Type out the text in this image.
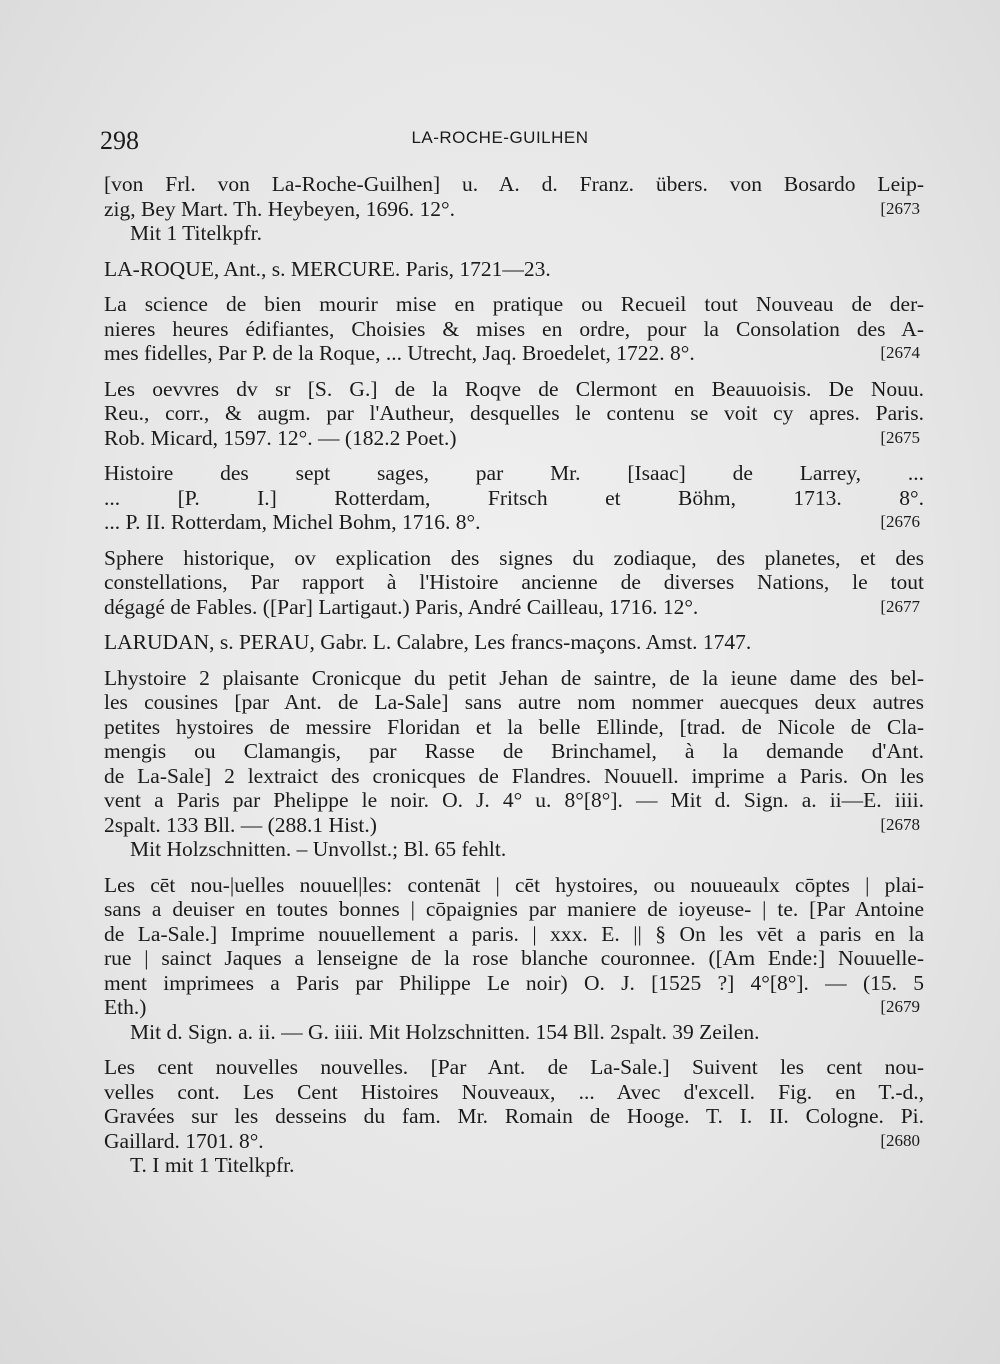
298	LA-ROCHE-GUILHEN
[von Frl. von La-Roche-Guilhen] u. A. d. Franz. übers. von Bosardo Leip-
zig, Bey Mart. Th. Heybeyen, 1696. 12°.	[2673
Mit 1 Titelkpfr.
LA-ROQUE, Ant., s. MERCURE. Paris, 1721—23.
La science de bien mourir mise en pratique ou Recueil tout Nouveau de der-
nieres heures édifiantes, Choisies & mises en ordre, pour la Consolation des A-
mes fidelles, Par P. de la Roque, ... Utrecht, Jaq. Broedelet, 1722. 8°.	[2674
Les oevvres dv sr [S. G.] de la Roqve de Clermont en Beauuoisis. De Nouu.
Reu., corr., & augm. par l'Autheur, desquelles le contenu se voit cy apres. Paris.
Rob. Micard, 1597. 12°. — (182.2 Poet.)	[2675
Histoire des sept sages, par Mr. [Isaac] de Larrey, ...
... [P. I.] Rotterdam, Fritsch et Böhm, 1713. 8°.
... P. II. Rotterdam, Michel Bohm, 1716. 8°.	[2676
Sphere historique, ov explication des signes du zodiaque, des planetes, et des
constellations, Par rapport à l'Histoire ancienne de diverses Nations, le tout
dégagé de Fables. ([Par] Lartigaut.) Paris, André Cailleau, 1716. 12°.	[2677
LARUDAN, s. PERAU, Gabr. L. Calabre, Les francs-maçons. Amst. 1747.
Lhystoire 2 plaisante Cronicque du petit Jehan de saintre, de la ieune dame des bel-
les cousines [par Ant. de La-Sale] sans autre nom nommer auecques deux autres
petites hystoires de messire Floridan et la belle Ellinde, [trad. de Nicole de Cla-
mengis ou Clamangis, par Rasse de Brinchamel, à la demande d'Ant.
de La-Sale] 2 lextraict des cronicques de Flandres. Nouuell. imprime a Paris. On les
vent a Paris par Phelippe le noir. O. J. 4° u. 8°[8°]. — Mit d. Sign. a. ii—E. iiii.
2spalt. 133 Bll. — (288.1 Hist.)	[2678
Mit Holzschnitten. – Unvollst.; Bl. 65 fehlt.
Les cēt nou-|uelles nouuel|les: contenāt | cēt hystoires, ou nouueaulx cōptes | plai-
sans a deuiser en toutes bonnes | cōpaignies par maniere de ioyeuse- | te. [Par Antoine
de La-Sale.] Imprime nouuellement a paris. | xxx. E. || § On les vēt a paris en la
rue | sainct Jaques a lenseigne de la rose blanche couronnee. ([Am Ende:] Nouuelle-
ment imprimees a Paris par Philippe Le noir) O. J. [1525 ?] 4°[8°]. — (15. 5
Eth.)	[2679
Mit d. Sign. a. ii. — G. iiii. Mit Holzschnitten. 154 Bll. 2spalt. 39 Zeilen.
Les cent nouvelles nouvelles. [Par Ant. de La-Sale.] Suivent les cent nou-
velles cont. Les Cent Histoires Nouveaux, ... Avec d'excell. Fig. en T.-d.,
Gravées sur les desseins du fam. Mr. Romain de Hooge. T. I. II. Cologne. Pi.
Gaillard. 1701. 8°.	[2680
T. I mit 1 Titelkpfr.
